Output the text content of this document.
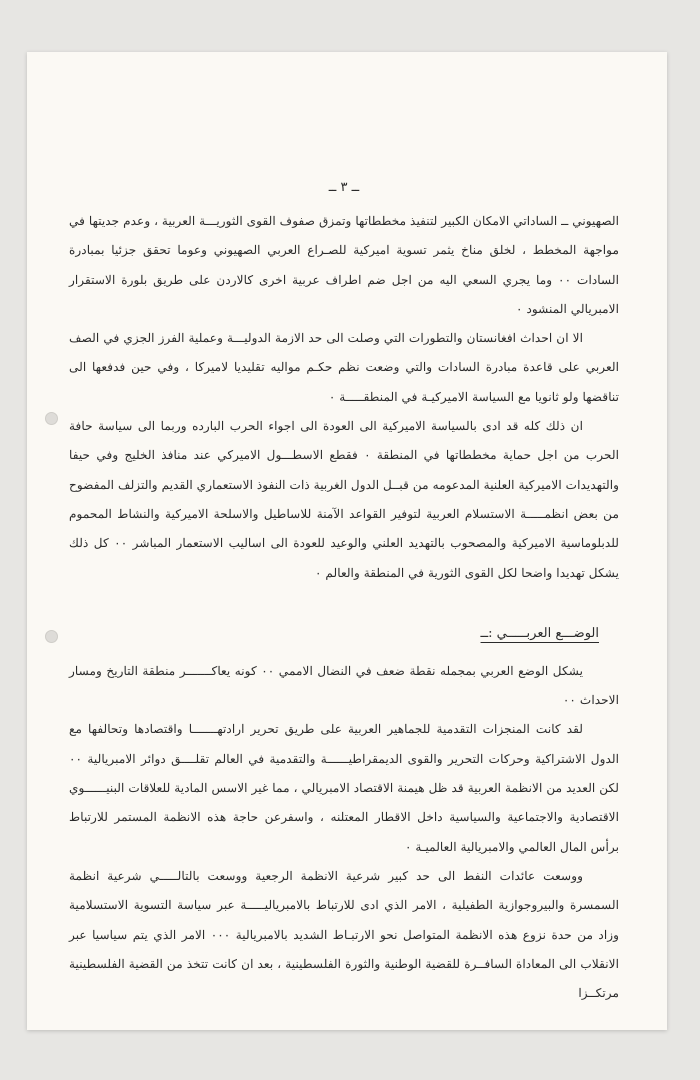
ــ ٣ ــ

الصهيوني ــ الساداتي الامكان الكبير لتنفيذ مخططاتها وتمزق صفوف القوى الثوريـــة العربية ، وعدم جديتها في مواجهة المخطط ، لخلق مناخ يثمر تسوية اميركية للصـراع العربي الصهيوني وعوما تحقق جزئيا بمبادرة السادات ٠٠ وما يجري السعي اليه من اجل ضم اطراف عربية اخرى كالاردن على طريق بلورة الاستقرار الامبريالي المنشود ٠

الا ان احداث افغانستان والتطورات التي وصلت الى حد الازمة الدوليـــة وعملية الفرز الجزي في الصف العربي على قاعدة مبادرة السادات والتي وضعت نظم حكـم مواليه تقليديا لاميركا ، وفي حين فدفعها الى تناقضها ولو ثانويا مع السياسة الاميركيـة في المنطقـــــة ٠

ان ذلك كله قد ادى بالسياسة الاميركية الى العودة الى اجواء الحرب البارده وربما الى سياسة حافة الحرب من اجل حماية مخططاتها في المنطقة ٠ فقطع الاسطـــول الاميركي عند منافذ الخليج وفي حيفا والتهديدات الاميركية العلنية المدعومه من قبــل الدول الغربية ذات النفوذ الاستعماري القديم والتزلف المفضوح من بعض انظمـــــة الاستسلام العربية لتوفير القواعد الآمنة للاساطيل والاسلحة الاميركية والنشاط المحموم للدبلوماسية الاميركية والمصحوب بالتهديد العلني والوعيد للعودة الى اساليب الاستعمار المباشر ٠٠ كل ذلك يشكل تهديدا واضحا لكل القوى الثورية في المنطقة والعالم ٠

الوضـــع العربـــــي :ــ

يشكل الوضع العربي بمجمله نقطة ضعف في النضال الاممي ٠٠ كونه يعاكـــــــر منطقة التاريخ ومسار الاحداث ٠٠

لقد كانت المنجزات التقدمية للجماهير العربية على طريق تحرير ارادتهـــــــا واقتصادها وتحالفها مع الدول الاشتراكية وحركات التحرير والقوى الديمقراطيــــــة والتقدمية في العالم تقلــــق دوائر الامبريالية ٠٠ لكن العديد من الانظمة العربية قد ظل هيمنة الاقتصاد الامبريالي ، مما غير الاسس المادية للعلاقات البنيــــــوي الاقتصادية والاجتماعية والسياسية داخل الاقطار المعتلنه ، واسفرعن حاجة هذه الانظمة المستمر للارتباط برأس المال العالمي والامبريالية العالميـة ٠

ووسعت عائدات النفط الى حد كبير شرعية الانظمة الرجعية ووسعت بالتالـــــي شرعية انظمة السمسرة والبيروجوازية الطفيلية ، الامر الذي ادى للارتباط بالامبرياليـــــة عبر سياسة التسوية الاستسلامية وزاد من حدة نزوع هذه الانظمة المتواصل نحو الارتبـاط الشديد بالامبريالية ٠٠٠ الامر الذي يتم سياسيا عبر الانقلاب الى المعاداة السافــرة للقضية الوطنية والثورة الفلسطينية ، بعد ان كانت تتخذ من القضية الفلسطينية مرتكــزا
